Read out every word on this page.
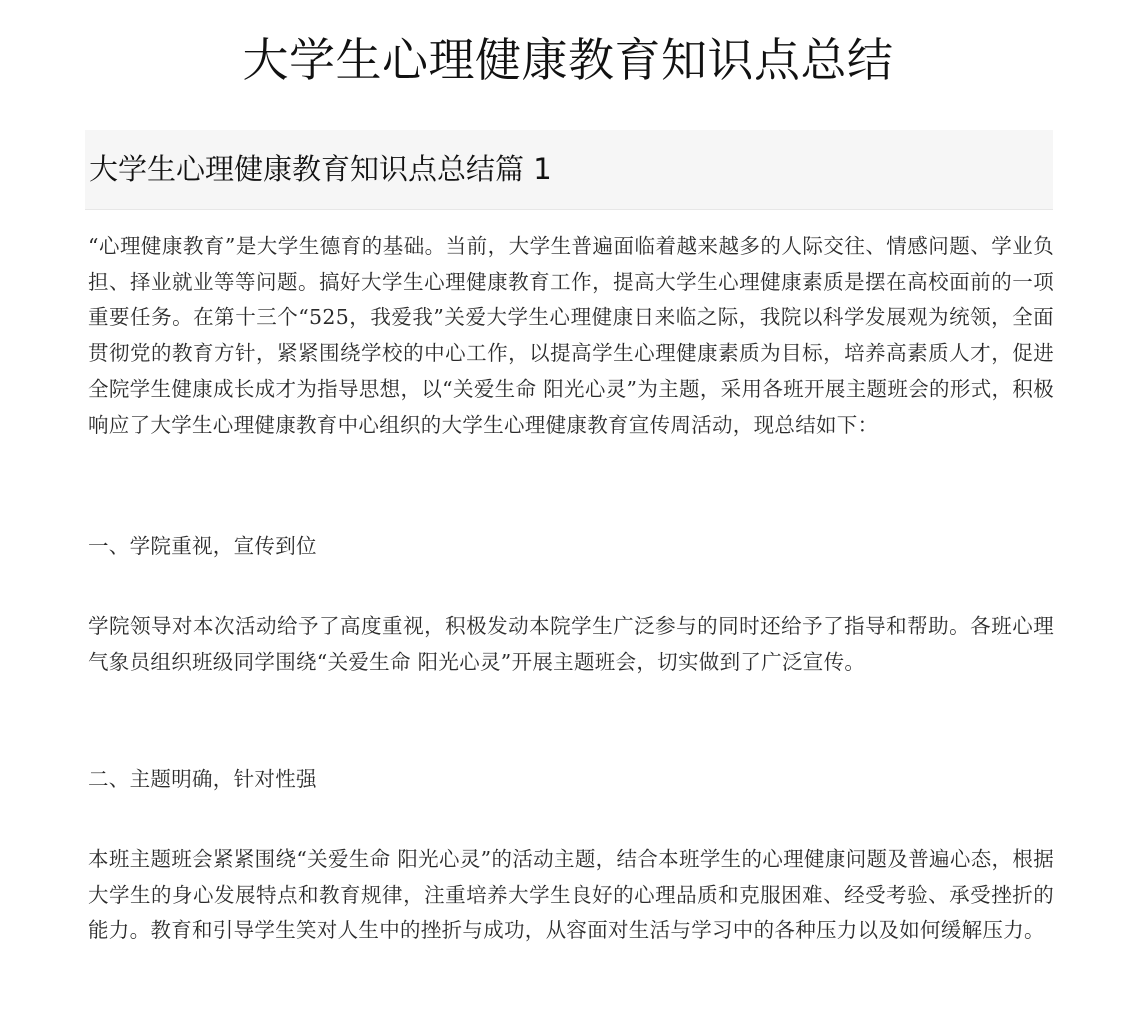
大学生心理健康教育知识点总结
大学生心理健康教育知识点总结篇 1

“心理健康教育”是大学生德育的基础。当前，大学生普遍面临着越来越多的人际交往、情感问题、学业负担、择业就业等等问题。搞好大学生心理健康教育工作，提高大学生心理健康素质是摆在高校面前的一项重要任务。在第十三个“525，我爱我”关爱大学生心理健康日来临之际，我院以科学发展观为统领，全面贯彻党的教育方针，紧紧围绕学校的中心工作，以提高学生心理健康素质为目标，培养高素质人才，促进全院学生健康成长成才为指导思想，以“关爱生命 阳光心灵”为主题，采用各班开展主题班会的形式，积极响应了大学生心理健康教育中心组织的大学生心理健康教育宣传周活动，现总结如下：

一、学院重视，宣传到位

学院领导对本次活动给予了高度重视，积极发动本院学生广泛参与的同时还给予了指导和帮助。各班心理气象员组织班级同学围绕“关爱生命 阳光心灵”开展主题班会，切实做到了广泛宣传。

二、主题明确，针对性强

本班主题班会紧紧围绕“关爱生命 阳光心灵”的活动主题，结合本班学生的心理健康问题及普遍心态，根据大学生的身心发展特点和教育规律，注重培养大学生良好的心理品质和克服困难、经受考验、承受挫折的能力。教育和引导学生笑对人生中的挫折与成功，从容面对生活与学习中的各种压力以及如何缓解压力。
